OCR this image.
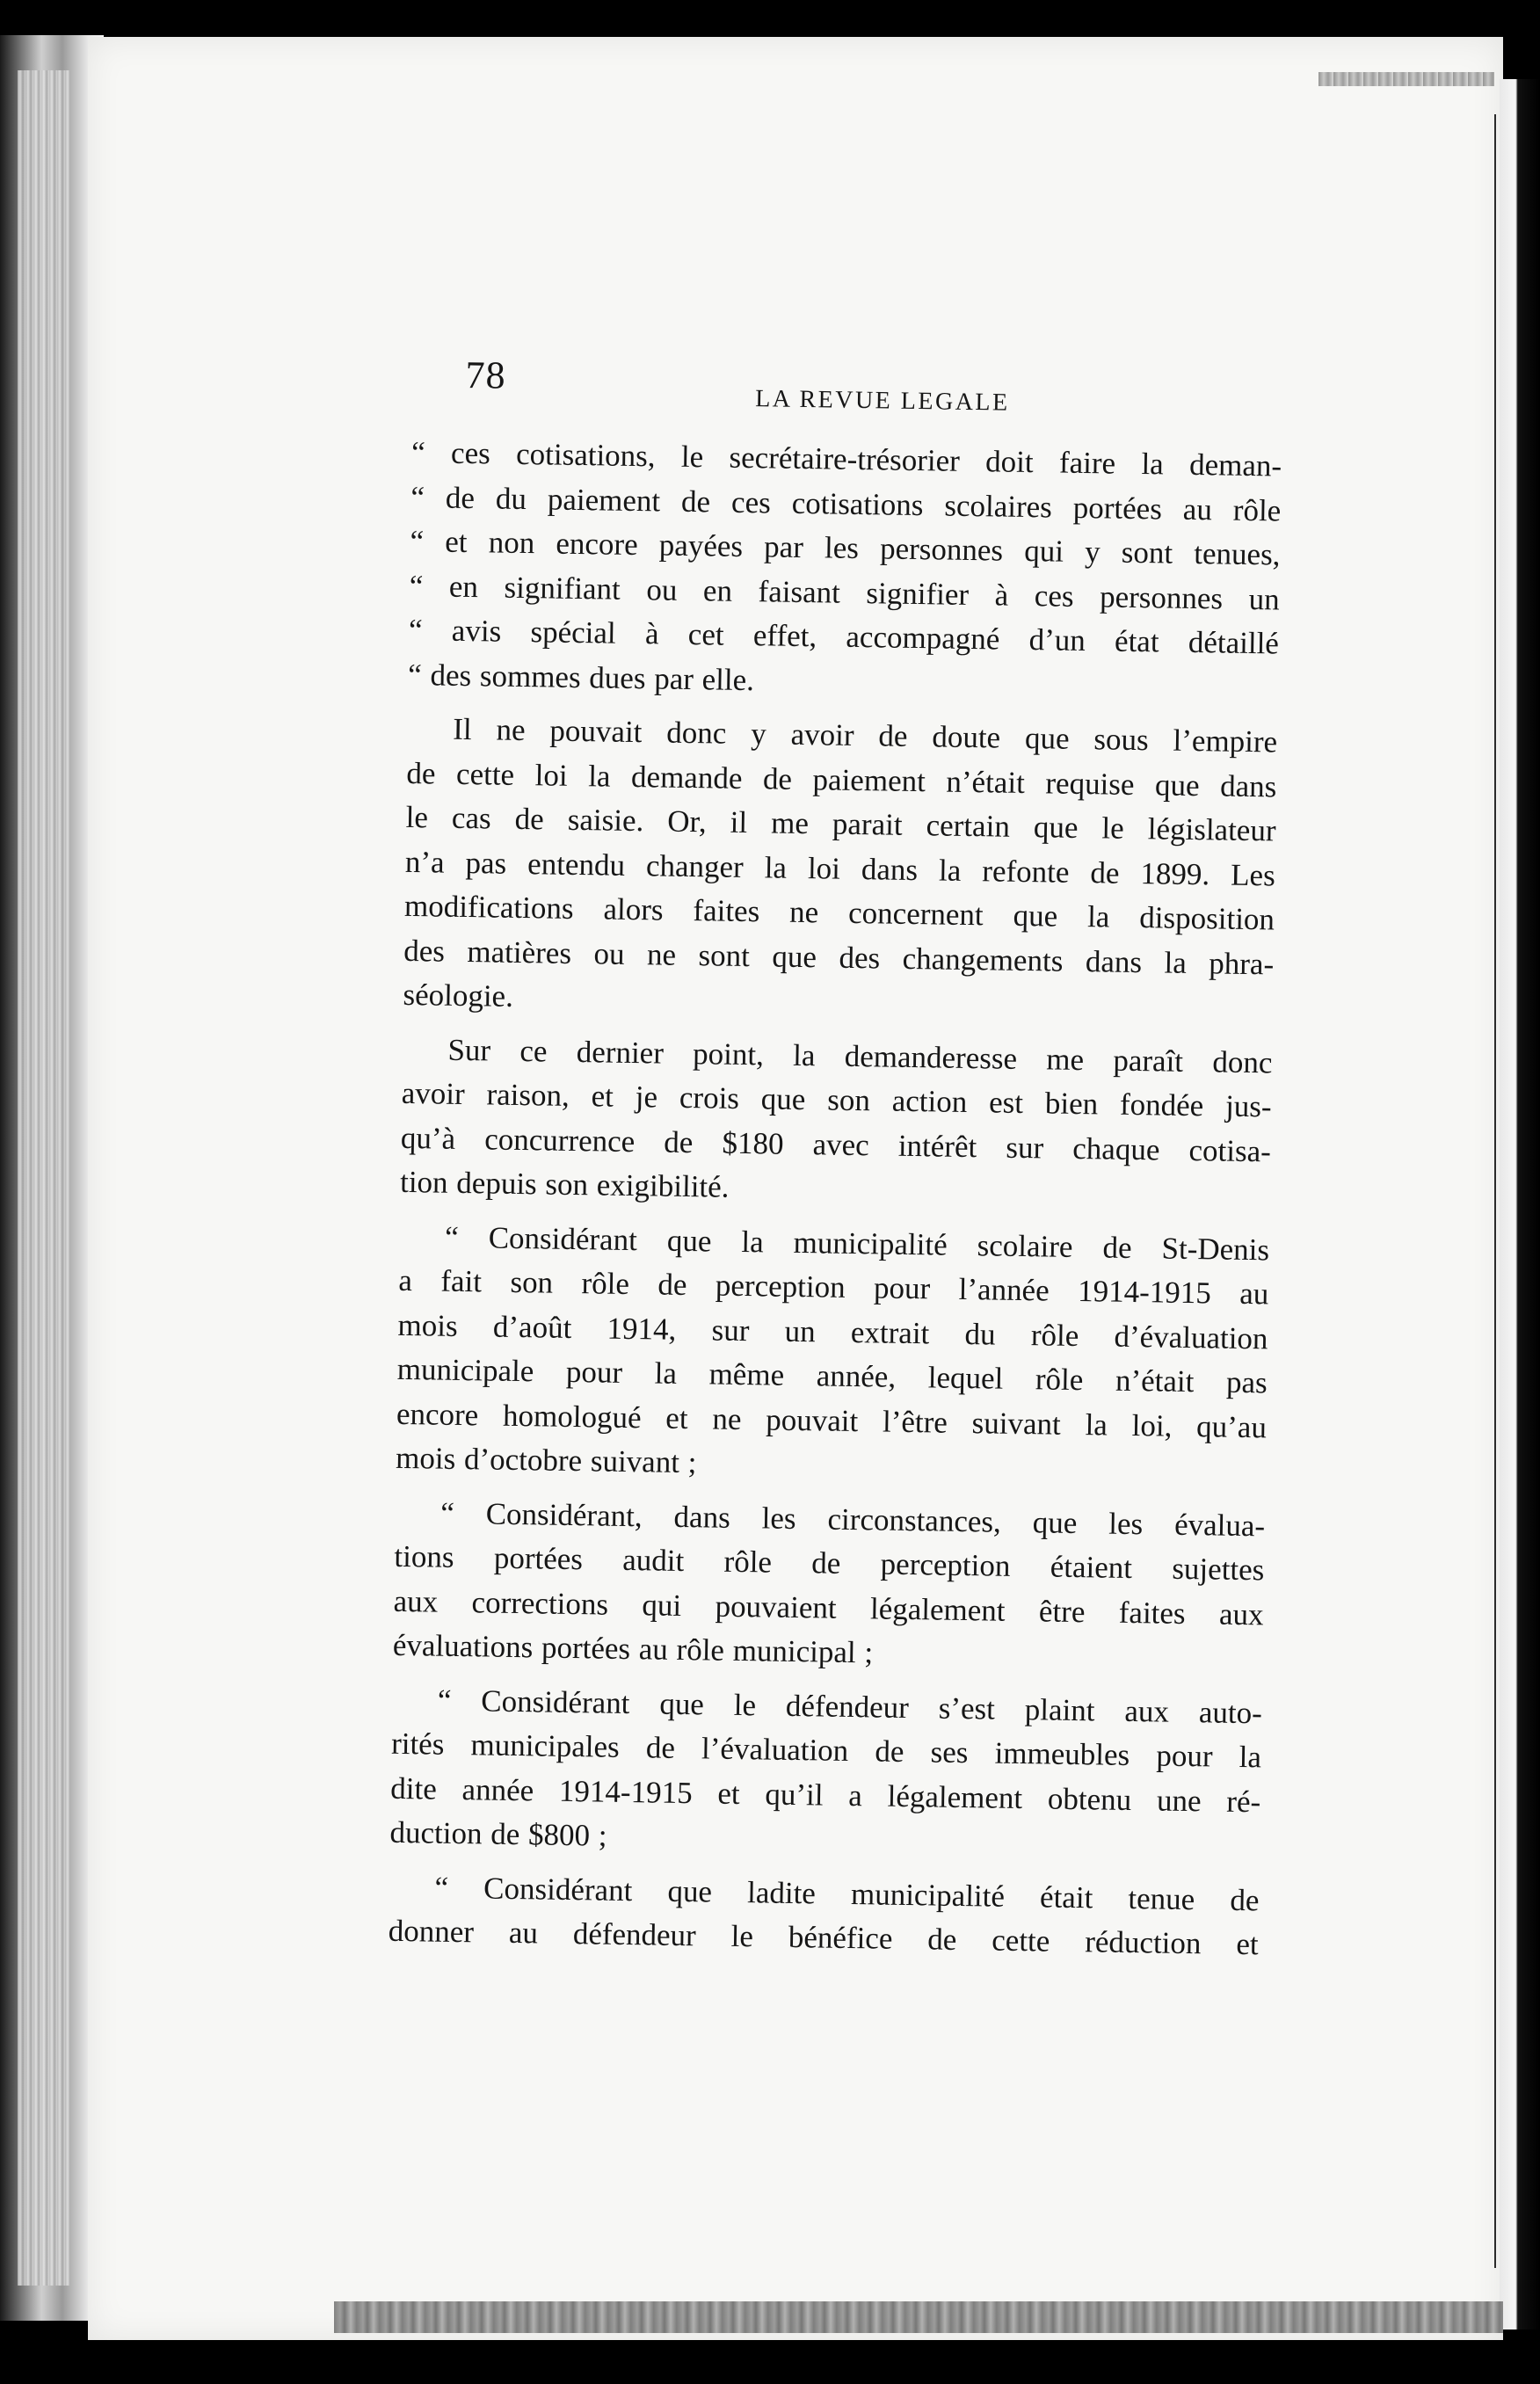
78
LA REVUE LEGALE

“ ces cotisations, le secrétaire-trésorier doit faire la deman-
“ de du paiement de ces cotisations scolaires portées au rôle
“ et non encore payées par les personnes qui y sont tenues,
“ en signifiant ou en faisant signifier à ces personnes un
“ avis spécial à cet effet, accompagné d’un état détaillé
“ des sommes dues par elle.

Il ne pouvait donc y avoir de doute que sous l’empire
de cette loi la demande de paiement n’était requise que dans
le cas de saisie. Or, il me parait certain que le législateur
n’a pas entendu changer la loi dans la refonte de 1899. Les
modifications alors faites ne concernent que la disposition
des matières ou ne sont que des changements dans la phra-
séologie.

Sur ce dernier point, la demanderesse me paraît donc
avoir raison, et je crois que son action est bien fondée jus-
qu’à concurrence de $180 avec intérêt sur chaque cotisa-
tion depuis son exigibilité.

“ Considérant que la municipalité scolaire de St-Denis
a fait son rôle de perception pour l’année 1914-1915 au
mois d’août 1914, sur un extrait du rôle d’évaluation
municipale pour la même année, lequel rôle n’était pas
encore homologué et ne pouvait l’être suivant la loi, qu’au
mois d’octobre suivant ;

“ Considérant, dans les circonstances, que les évalua-
tions portées audit rôle de perception étaient sujettes
aux corrections qui pouvaient légalement être faites aux
évaluations portées au rôle municipal ;

“ Considérant que le défendeur s’est plaint aux auto-
rités municipales de l’évaluation de ses immeubles pour la
dite année 1914-1915 et qu’il a légalement obtenu une ré-
duction de $800 ;

“ Considérant que ladite municipalité était tenue de
donner au défendeur le bénéfice de cette réduction et
